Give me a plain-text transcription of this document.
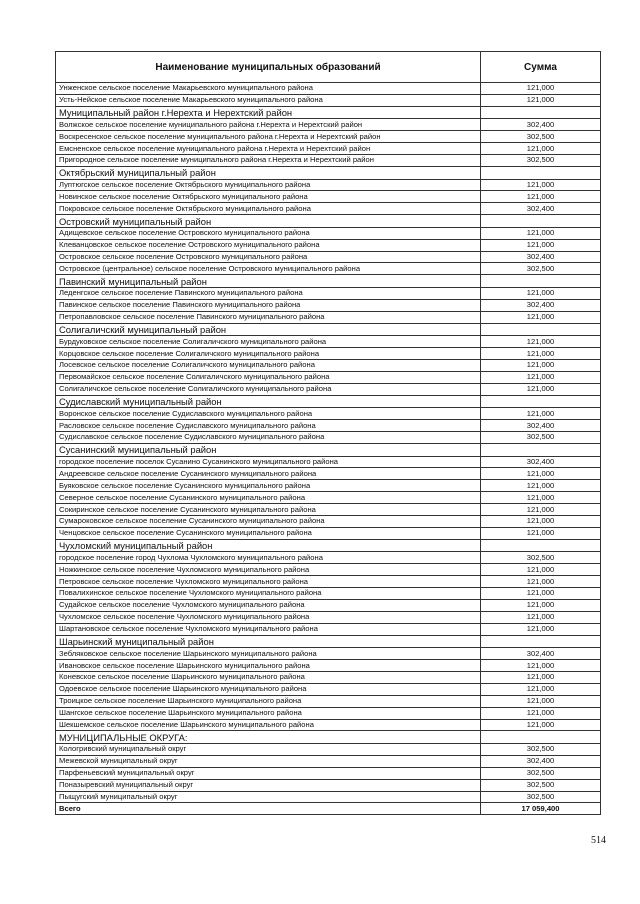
Наименование муниципальных образований	Сумма
Унженское сельское поселение Макарьевского муниципального района	121,000
Усть-Нейское сельское поселение Макарьевского муниципального района	121,000
Муниципальный район г.Нерехта и Нерехтский район	
Волжское сельское поселение муниципального района г.Нерехта и Нерехтский район	302,400
Воскресенское сельское поселение муниципального района г.Нерехта и Нерехтский район	302,500
Емсненское сельское поселение муниципального района г.Нерехта и Нерехтский район	121,000
Пригородное сельское поселение муниципального района г.Нерехта и Нерехтский район	302,500
Октябрьский муниципальный район	
Луптюгское сельское поселение Октябрьского муниципального района	121,000
Новинское сельское поселение Октябрьского муниципального района	121,000
Покровское сельское поселение Октябрьского муниципального района	302,400
Островский муниципальный район	
Адищевское сельское поселение Островского муниципального района	121,000
Клеванцовское сельское поселение Островского муниципального района	121,000
Островское сельское поселение Островского муниципального района	302,400
Островское (центральное) сельское поселение Островского муниципального района	302,500
Павинский муниципальный район	
Леденгское сельское поселение Павинского муниципального района	121,000
Павинское сельское поселение Павинского муниципального района	302,400
Петропавловское сельское поселение Павинского муниципального района	121,000
Солигаличский муниципальный район	
Бурдуковское сельское поселение Солигаличского муниципального района	121,000
Корцовское сельское поселение Солигаличского муниципального района	121,000
Лосевское сельское поселение Солигаличского муниципального района	121,000
Первомайское сельское поселение Солигаличского муниципального района	121,000
Солигаличское сельское поселение Солигаличского муниципального района	121,000
Судиславский муниципальный район	
Воронское сельское поселение Судиславского муниципального района	121,000
Расловское сельское поселение Судиславского муниципального района	302,400
Судиславское сельское поселение Судиславского муниципального района	302,500
Сусанинский муниципальный район	
городское поселение поселок Сусанино Сусанинского муниципального района	302,400
Андреевское сельское поселение Сусанинского муниципального района	121,000
Буяковское сельское поселение Сусанинского муниципального района	121,000
Северное сельское поселение Сусанинского муниципального района	121,000
Сокиринское сельское поселение Сусанинского муниципального района	121,000
Сумароковское сельское поселение Сусанинского муниципального района	121,000
Ченцовское сельское поселение Сусанинского муниципального района	121,000
Чухломский муниципальный район	
городское поселение город Чухлома Чухломского муниципального района	302,500
Ножкинское сельское поселение Чухломского муниципального района	121,000
Петровское сельское поселение Чухломского муниципального района	121,000
Повалихинское сельское поселение Чухломского муниципального района	121,000
Судайское сельское поселение Чухломского муниципального района	121,000
Чухломское сельское поселение Чухломского муниципального района	121,000
Шартановское сельское поселение Чухломского муниципального района	121,000
Шарьинский муниципальный район	
Зебляковское сельское поселение Шарьинского муниципального района	302,400
Ивановское сельское поселение Шарьинского муниципального района	121,000
Коневское сельское поселение Шарьинского муниципального района	121,000
Одоевское сельское поселение Шарьинского муниципального района	121,000
Троицкое сельское поселение Шарьинского муниципального района	121,000
Шангское сельское поселение Шарьинского муниципального района	121,000
Шекшемское сельское поселение Шарьинского муниципального района	121,000
МУНИЦИПАЛЬНЫЕ ОКРУГА:	
Кологривский муниципальный округ	302,500
Межевской муниципальный округ	302,400
Парфеньевский муниципальный округ	302,500
Поназыревский муниципальный округ	302,500
Пыщугский муниципальный округ	302,500
Всего	17 059,400
514
